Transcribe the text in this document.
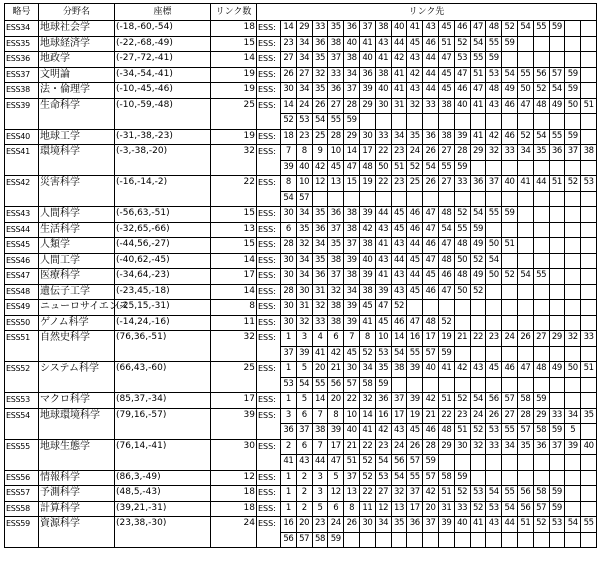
略号	分野名	座標	リンク数	リンク先																				
ESS34	地球社会学	(-18,-60,-54)	18	ESS:	14	29	33	35	36	37	38	40	41	43	45	46	47	48	52	54	55	59		
ESS35	地球経済学	(-22,-68,-49)	15	ESS:	23	34	36	38	40	41	43	44	45	46	51	52	54	55	59					
ESS36	地政学	(-27,-72,-41)	14	ESS:	27	34	35	37	38	40	41	42	43	44	47	53	55	59						
ESS37	文明論	(-34,-54,-41)	19	ESS:	26	27	32	33	34	36	38	41	42	44	45	47	51	53	54	55	56	57	59	
ESS38	法・倫理学	(-10,-45,-46)	19	ESS:	30	34	35	36	37	39	40	41	43	44	45	46	47	48	49	50	52	54	59	
ESS39	生命科学	(-10,-59,-48)	25	ESS:	14	24	26	27	28	29	30	31	32	33	38	40	41	43	46	47	48	49	50	51
					52	53	54	55	59															
ESS40	地球工学	(-31,-38,-23)	19	ESS:	18	23	25	28	29	30	33	34	35	36	38	39	41	42	46	52	54	55	59	
ESS41	環境科学	(-3,-38,-20)	32	ESS:	7	8	9	10	14	17	22	23	24	26	27	28	29	32	33	34	35	36	37	38
					39	40	42	45	47	48	50	51	52	54	55	59								
ESS42	災害科学	(-16,-14,-2)	22	ESS:	8	10	12	13	15	19	22	23	25	26	27	33	36	37	40	41	44	51	52	53
					54	57																		
ESS43	人間科学	(-56,63,-51)	15	ESS:	30	34	35	36	38	39	44	45	46	47	48	52	54	55	59					
ESS44	生活科学	(-32,65,-66)	13	ESS:	6	35	36	37	38	42	43	45	46	47	54	55	59							
ESS45	人類学	(-44,56,-27)	15	ESS:	28	32	34	35	37	38	41	43	44	46	47	48	49	50	51					
ESS46	人間工学	(-40,62,-45)	14	ESS:	30	34	35	38	39	40	43	44	45	47	48	50	52	54						
ESS47	医療科学	(-34,64,-23)	17	ESS:	30	34	36	37	38	39	41	43	44	45	46	48	49	50	52	54	55			
ESS48	遺伝子工学	(-23,45,-18)	14	ESS:	28	30	31	32	34	38	39	43	45	46	47	50	52							
ESS49	ニューロサイエンス	(-25,15,-31)	8	ESS:	30	31	32	38	39	45	47	52												
ESS50	ゲノム科学	(-14,24,-16)	11	ESS:	30	32	33	38	39	41	45	46	47	48	52									
ESS51	自然史科学	(76,36,-51)	32	ESS:	1	3	4	6	7	8	10	14	16	17	19	21	22	23	24	26	27	29	32	33
					37	39	41	42	45	52	53	54	55	57	59									
ESS52	システム科学	(66,43,-60)	25	ESS:	1	5	20	21	30	34	35	38	39	40	41	42	43	45	46	47	48	49	50	51
					53	54	55	56	57	58	59													
ESS53	マクロ科学	(85,37,-34)	17	ESS:	1	5	14	20	22	32	36	37	39	42	51	52	54	56	57	58	59			
ESS54	地球環境科学	(79,16,-57)	39	ESS:	3	6	7	8	10	14	16	17	19	21	22	23	24	26	27	28	29	33	34	35
					36	37	38	39	40	41	42	43	45	46	48	51	52	53	55	57	58	59	5	
ESS55	地球生態学	(76,14,-41)	30	ESS:	2	6	7	17	21	22	23	24	26	28	29	30	32	33	34	35	36	37	39	40
					41	43	44	47	51	52	54	56	57	59										
ESS56	情報科学	(86,3,-49)	12	ESS:	1	2	3	5	37	52	53	54	55	57	58	59								
ESS57	予測科学	(48,5,-43)	18	ESS:	1	2	3	12	13	22	27	32	37	42	51	52	53	54	55	56	58	59		
ESS58	計算科学	(39,21,-31)	18	ESS:	1	2	5	6	8	11	12	13	17	20	31	33	52	53	54	56	57	59		
ESS59	資源科学	(23,38,-30)	24	ESS:	16	20	23	24	26	30	34	35	36	37	39	40	41	43	44	51	52	53	54	55
					56	57	58	59																
